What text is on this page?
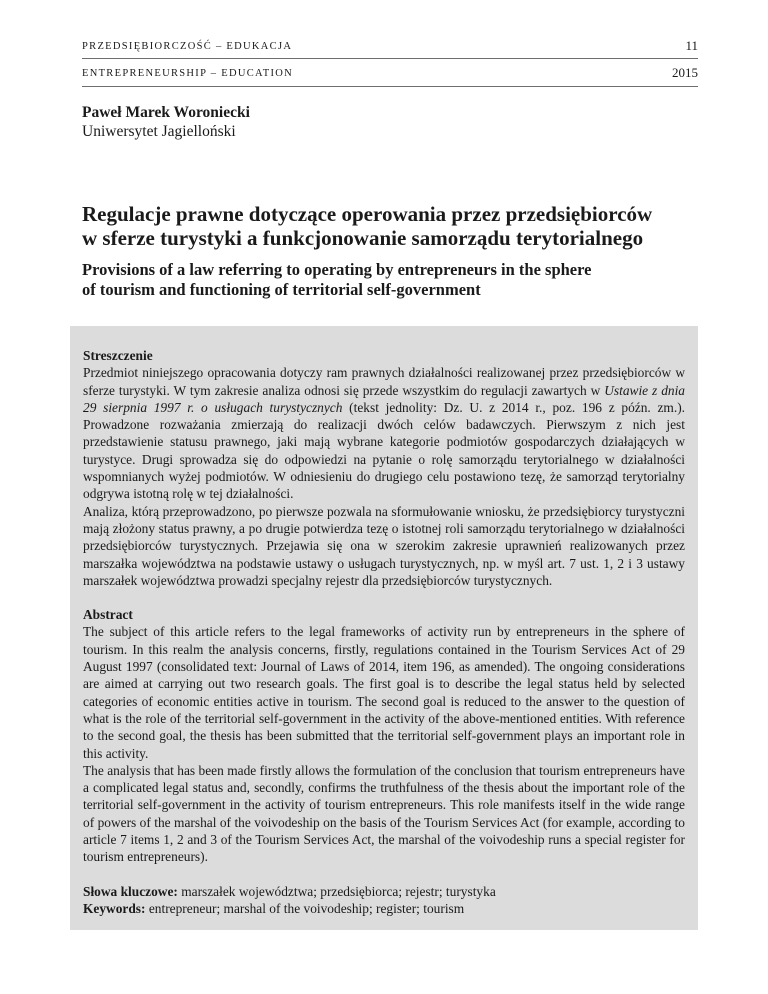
PRZEDSIĘBIORCZOŚĆ – EDUKACJA	11
ENTREPRENEURSHIP – EDUCATION	2015
Paweł Marek Woroniecki
Uniwersytet Jagielloński
Regulacje prawne dotyczące operowania przez przedsiębiorców
w sferze turystyki a funkcjonowanie samorządu terytorialnego
Provisions of a law referring to operating by entrepreneurs in the sphere
of tourism and functioning of territorial self-government

Streszczenie

Przedmiot niniejszego opracowania dotyczy ram prawnych działalności realizowanej przez przedsiębiorców w sferze turystyki. W tym zakresie analiza odnosi się przede wszystkim do regulacji zawartych w Ustawie z dnia 29 sierpnia 1997 r. o usługach turystycznych (tekst jednolity: Dz. U. z 2014 r., poz. 196 z późn. zm.). Prowadzone rozważania zmierzają do realizacji dwóch celów badawczych. Pierwszym z nich jest przedstawienie statusu prawnego, jaki mają wybrane kategorie podmiotów gospodarczych działających w turystyce. Drugi sprowadza się do odpowiedzi na pytanie o rolę samorządu terytorialnego w działalności wspomnianych wyżej podmiotów. W odniesieniu do drugiego celu postawiono tezę, że samorząd terytorialny odgrywa istotną rolę w tej działalności.

Analiza, którą przeprowadzono, po pierwsze pozwala na sformułowanie wniosku, że przedsiębiorcy turystyczni mają złożony status prawny, a po drugie potwierdza tezę o istotnej roli samorządu terytorialnego w działalności przedsiębiorców turystycznych. Przejawia się ona w szerokim zakresie uprawnień realizowanych przez marszałka województwa na podstawie ustawy o usługach turystycznych, np. w myśl art. 7 ust. 1, 2 i 3 ustawy marszałek województwa prowadzi specjalny rejestr dla przedsiębiorców turystycznych.

Abstract

The subject of this article refers to the legal frameworks of activity run by entrepreneurs in the sphere of tourism. In this realm the analysis concerns, firstly, regulations contained in the Tourism Services Act of 29 August 1997 (consolidated text: Journal of Laws of 2014, item 196, as amended). The ongoing considerations are aimed at carrying out two research goals. The first goal is to describe the legal status held by selected categories of economic entities active in tourism. The second goal is reduced to the answer to the question of what is the role of the territorial self-government in the activity of the above-mentioned entities. With reference to the second goal, the thesis has been submitted that the territorial self-government plays an important role in this activity.

The analysis that has been made firstly allows the formulation of the conclusion that tourism entrepreneurs have a complicated legal status and, secondly, confirms the truthfulness of the thesis about the important role of the territorial self-government in the activity of tourism entrepreneurs. This role manifests itself in the wide range of powers of the marshal of the voivodeship on the basis of the Tourism Services Act (for example, according to article 7 items 1, 2 and 3 of the Tourism Services Act, the marshal of the voivodeship runs a special register for tourism entrepreneurs).

Słowa kluczowe: marszałek województwa; przedsiębiorca; rejestr; turystyka

Keywords: entrepreneur; marshal of the voivodeship; register; tourism
